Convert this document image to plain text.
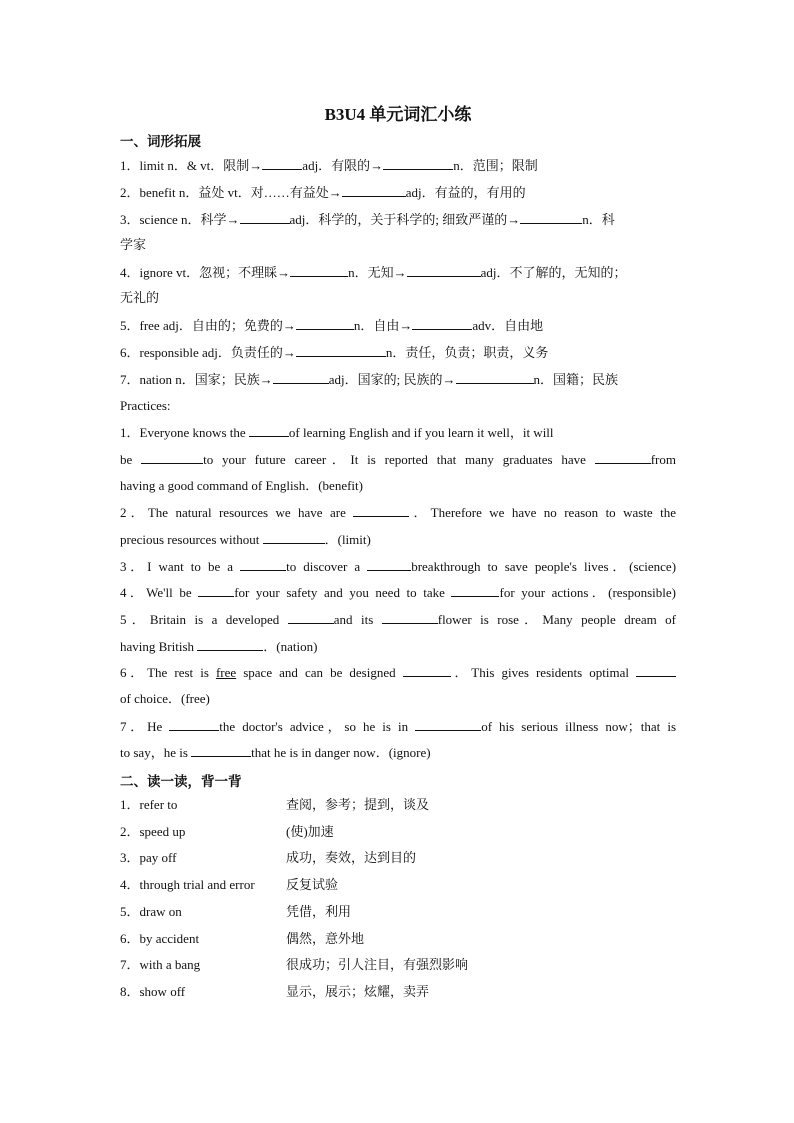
B3U4 单元词汇小练
一、词形拓展
1．limit n．& vt．限制→	adj．有限的→	n．范围；限制
2．benefit n．益处 vt．对……有益处→	adj．有益的，有用的
3．science n．科学→	adj．科学的，关于科学的; 细致严谨的→	n．科
学家
4．ignore vt．忽视；不理睬→	n．无知→	adj．不了解的，无知的；
无礼的
5．free adj．自由的；免费的→	n．自由→	adv．自由地
6．responsible adj．负责任的→	n．责任，负责；职责，义务
7．nation n．国家；民族→	adj．国家的; 民族的→	n．国籍；民族
Practices:
1．Everyone knows the	of learning English and if you learn it well，it will
be	to your future career．It is reported that many graduates have	from
having a good command of English．(benefit)
2．The natural resources we have are	．Therefore we have no reason to waste the
precious resources without	．(limit)
3．I want to be a	to discover a	breakthrough to save people's lives．(science)
4．We'll be	for your safety and you need to take	for your actions．(responsible)
5．Britain is a developed	and its	flower is rose．Many people dream of
having British	．(nation)
6．The rest is free space and can be designed	．This gives residents optimal
of choice．(free)
7．He	the doctor's advice，so he is in	of his serious illness now；that is
to say，he is	that he is in danger now．(ignore)
二、读一读，背一背
1．refer to	查阅，参考；提到，谈及
2．speed up	(使)加速
3．pay off	成功，奏效，达到目的
4．through trial and error 反复试验
5．draw on	凭借，利用
6．by accident	偶然，意外地
7．with a bang	很成功；引人注目，有强烈影响
8．show off	显示，展示；炫耀，卖弄
